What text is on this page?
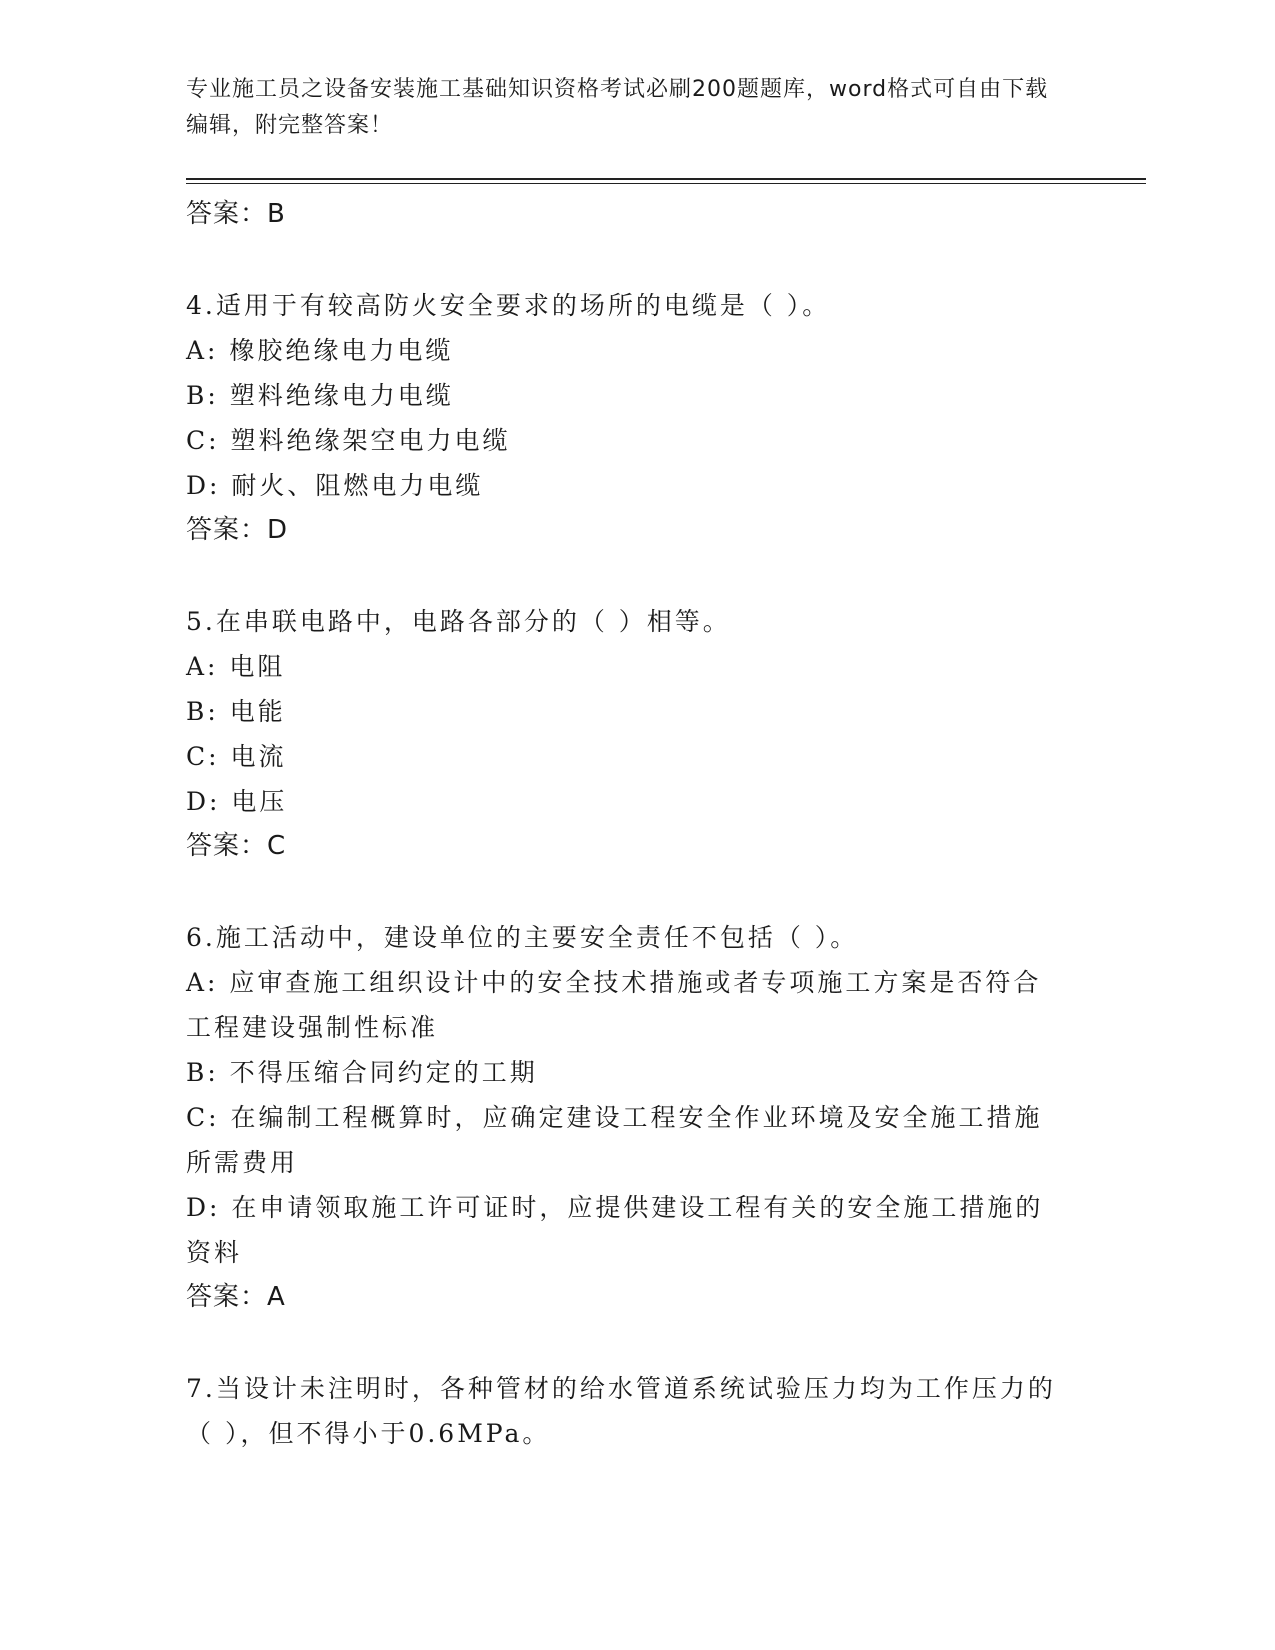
专业施工员之设备安装施工基础知识资格考试必刷200题题库，word格式可自由下载编辑，附完整答案！

答案：B

4.适用于有较高防火安全要求的场所的电缆是（ ）。

A: 橡胶绝缘电力电缆

B: 塑料绝缘电力电缆

C: 塑料绝缘架空电力电缆

D: 耐火、阻燃电力电缆

答案：D

5.在串联电路中，电路各部分的（ ）相等。

A: 电阻

B: 电能

C: 电流

D: 电压

答案：C

6.施工活动中，建设单位的主要安全责任不包括（ ）。

A: 应审查施工组织设计中的安全技术措施或者专项施工方案是否符合工程建设强制性标准

B: 不得压缩合同约定的工期

C: 在编制工程概算时，应确定建设工程安全作业环境及安全施工措施所需费用

D: 在申请领取施工许可证时，应提供建设工程有关的安全施工措施的资料

答案：A

7.当设计未注明时，各种管材的给水管道系统试验压力均为工作压力的（ ），但不得小于0.6MPa。
